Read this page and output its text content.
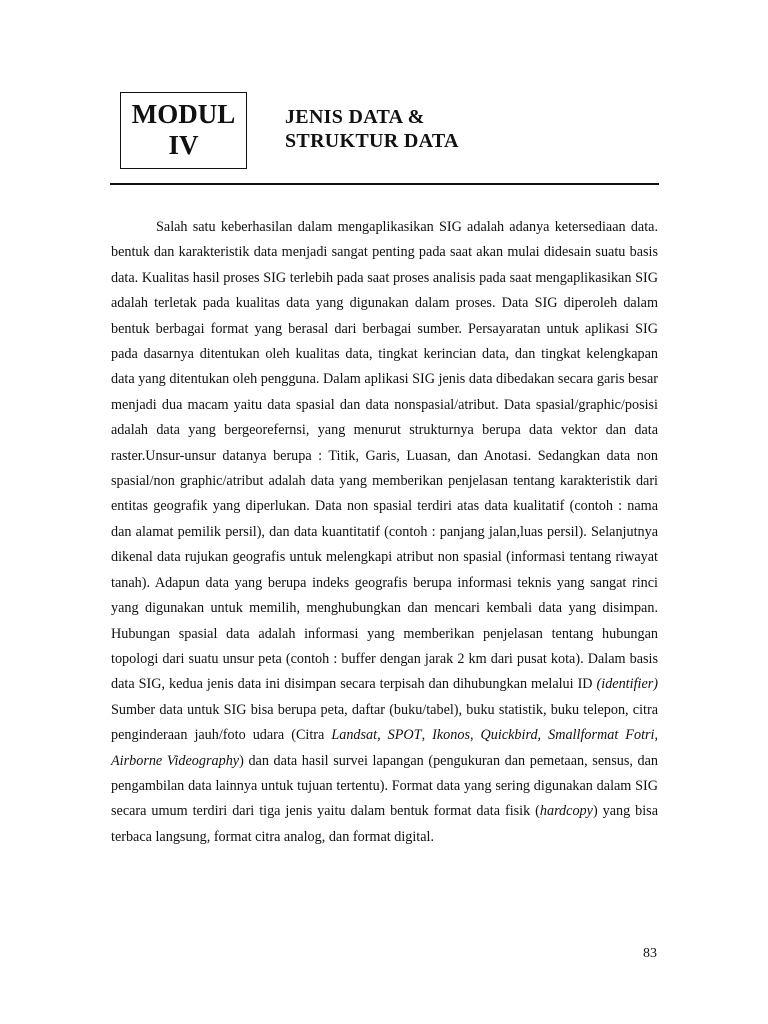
MODUL
IV
JENIS DATA &
STRUKTUR DATA

Salah satu keberhasilan dalam mengaplikasikan SIG adalah adanya ketersediaan data. bentuk dan karakteristik data menjadi sangat penting pada saat akan mulai didesain suatu basis data. Kualitas hasil proses SIG terlebih pada saat proses analisis pada saat mengaplikasikan SIG adalah terletak pada kualitas data yang digunakan dalam proses. Data SIG diperoleh dalam bentuk berbagai format yang berasal dari berbagai sumber. Persayaratan untuk aplikasi SIG pada dasarnya ditentukan oleh kualitas data, tingkat kerincian data, dan tingkat kelengkapan data yang ditentukan oleh pengguna. Dalam aplikasi SIG jenis data dibedakan secara garis besar menjadi dua macam yaitu data spasial dan data nonspasial/atribut. Data spasial/graphic/posisi adalah data yang bergeorefernsi, yang menurut strukturnya berupa data vektor dan data raster.Unsur-unsur datanya berupa : Titik, Garis, Luasan, dan Anotasi. Sedangkan data non spasial/non graphic/atribut adalah data yang memberikan penjelasan tentang karakteristik dari entitas geografik yang diperlukan. Data non spasial terdiri atas data kualitatif (contoh : nama dan alamat pemilik persil), dan data kuantitatif (contoh : panjang jalan,luas persil). Selanjutnya dikenal data rujukan geografis untuk melengkapi atribut non spasial (informasi tentang riwayat tanah). Adapun data yang berupa indeks geografis berupa informasi teknis yang sangat rinci yang digunakan untuk memilih, menghubungkan dan mencari kembali data yang disimpan. Hubungan spasial data adalah informasi yang memberikan penjelasan tentang hubungan topologi dari suatu unsur peta (contoh : buffer dengan jarak 2 km dari pusat kota). Dalam basis data SIG, kedua jenis data ini disimpan secara terpisah dan dihubungkan melalui ID (identifier) Sumber data untuk SIG bisa berupa peta, daftar (buku/tabel), buku statistik, buku telepon, citra penginderaan jauh/foto udara (Citra Landsat, SPOT, Ikonos, Quickbird, Smallformat Fotri, Airborne Videography) dan data hasil survei lapangan (pengukuran dan pemetaan, sensus, dan pengambilan data lainnya untuk tujuan tertentu). Format data yang sering digunakan dalam SIG secara umum terdiri dari tiga jenis yaitu dalam bentuk format data fisik (hardcopy) yang bisa terbaca langsung, format citra analog, dan format digital.

83
